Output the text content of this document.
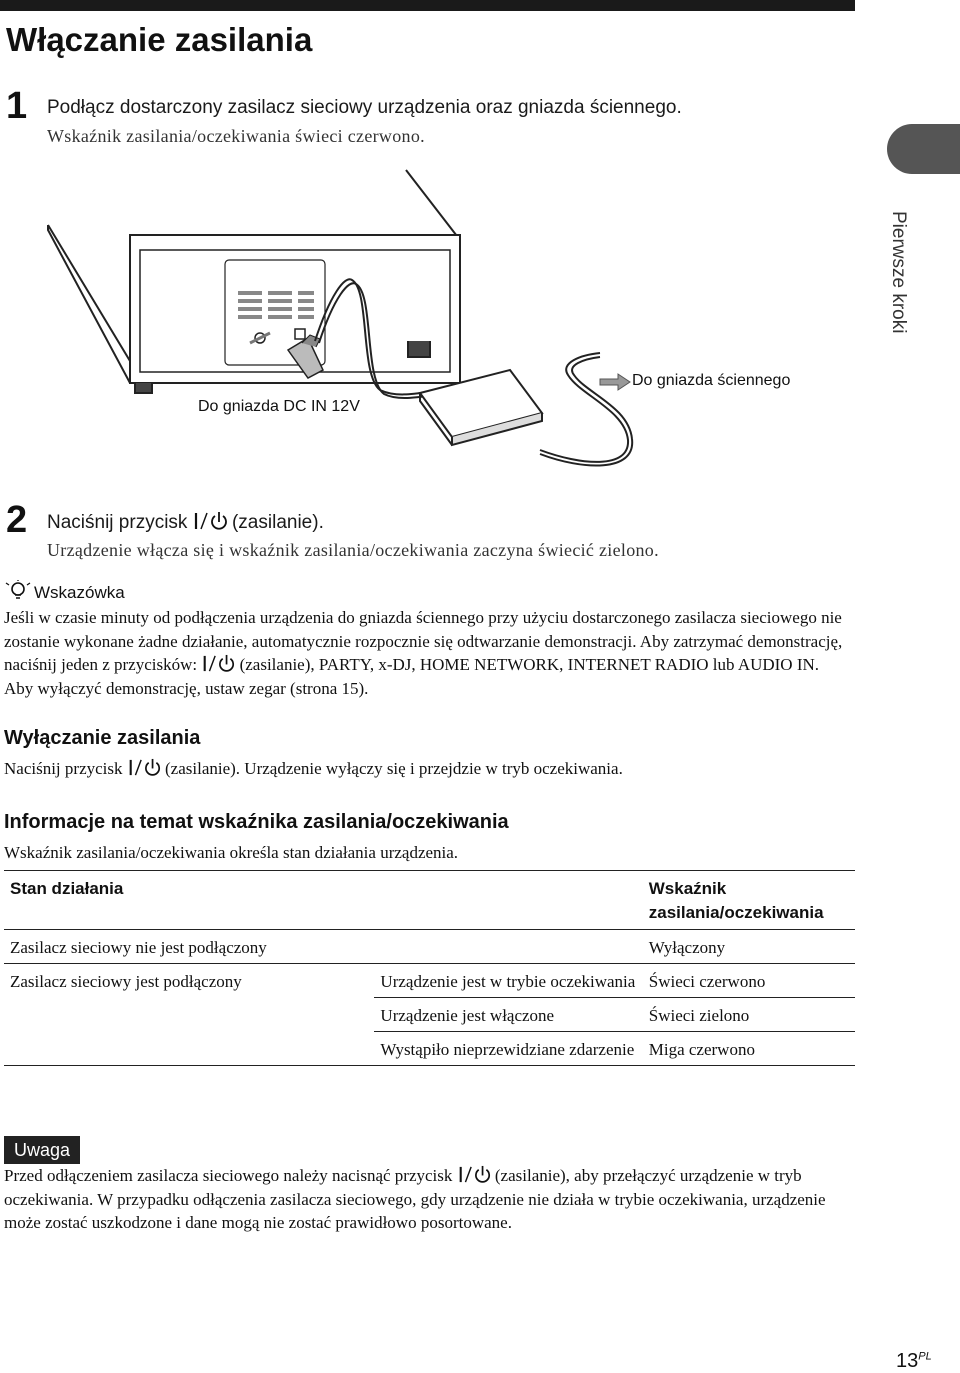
Włączanie zasilania
Pierwsze kroki
1 Podłącz dostarczony zasilacz sieciowy urządzenia oraz gniazda ściennego.
Wskaźnik zasilania/oczekiwania świeci czerwono.
Do gniazda DC IN 12V
Do gniazda ściennego
2 Naciśnij przycisk  (zasilanie).
Urządzenie włącza się i wskaźnik zasilania/oczekiwania zaczyna świecić zielono.
Wskazówka
Jeśli w czasie minuty od podłączenia urządzenia do gniazda ściennego przy użyciu dostarczonego zasilacza sieciowego nie zostanie wykonane żadne działanie, automatycznie rozpocznie się odtwarzanie demonstracji. Aby zatrzymać demonstrację, naciśnij jeden z przycisków:  (zasilanie), PARTY, x-DJ, HOME NETWORK, INTERNET RADIO lub AUDIO IN. Aby wyłączyć demonstrację, ustaw zegar (strona 15).
Wyłączanie zasilania
Naciśnij przycisk  (zasilanie). Urządzenie wyłączy się i przejdzie w tryb oczekiwania.
Informacje na temat wskaźnika zasilania/oczekiwania
Wskaźnik zasilania/oczekiwania określa stan działania urządzenia.
Stan działania		Wskaźnik zasilania/oczekiwania
Zasilacz sieciowy nie jest podłączony		Wyłączony
Zasilacz sieciowy jest podłączony	Urządzenie jest w trybie oczekiwania	Świeci czerwono
	Urządzenie jest włączone	Świeci zielono
	Wystąpiło nieprzewidziane zdarzenie	Miga czerwono
Uwaga
Przed odłączeniem zasilacza sieciowego należy nacisnąć przycisk  (zasilanie), aby przełączyć urządzenie w tryb oczekiwania. W przypadku odłączenia zasilacza sieciowego, gdy urządzenie nie działa w trybie oczekiwania, urządzenie może zostać uszkodzone i dane mogą nie zostać prawidłowo posortowane.
$13^{PL}$
